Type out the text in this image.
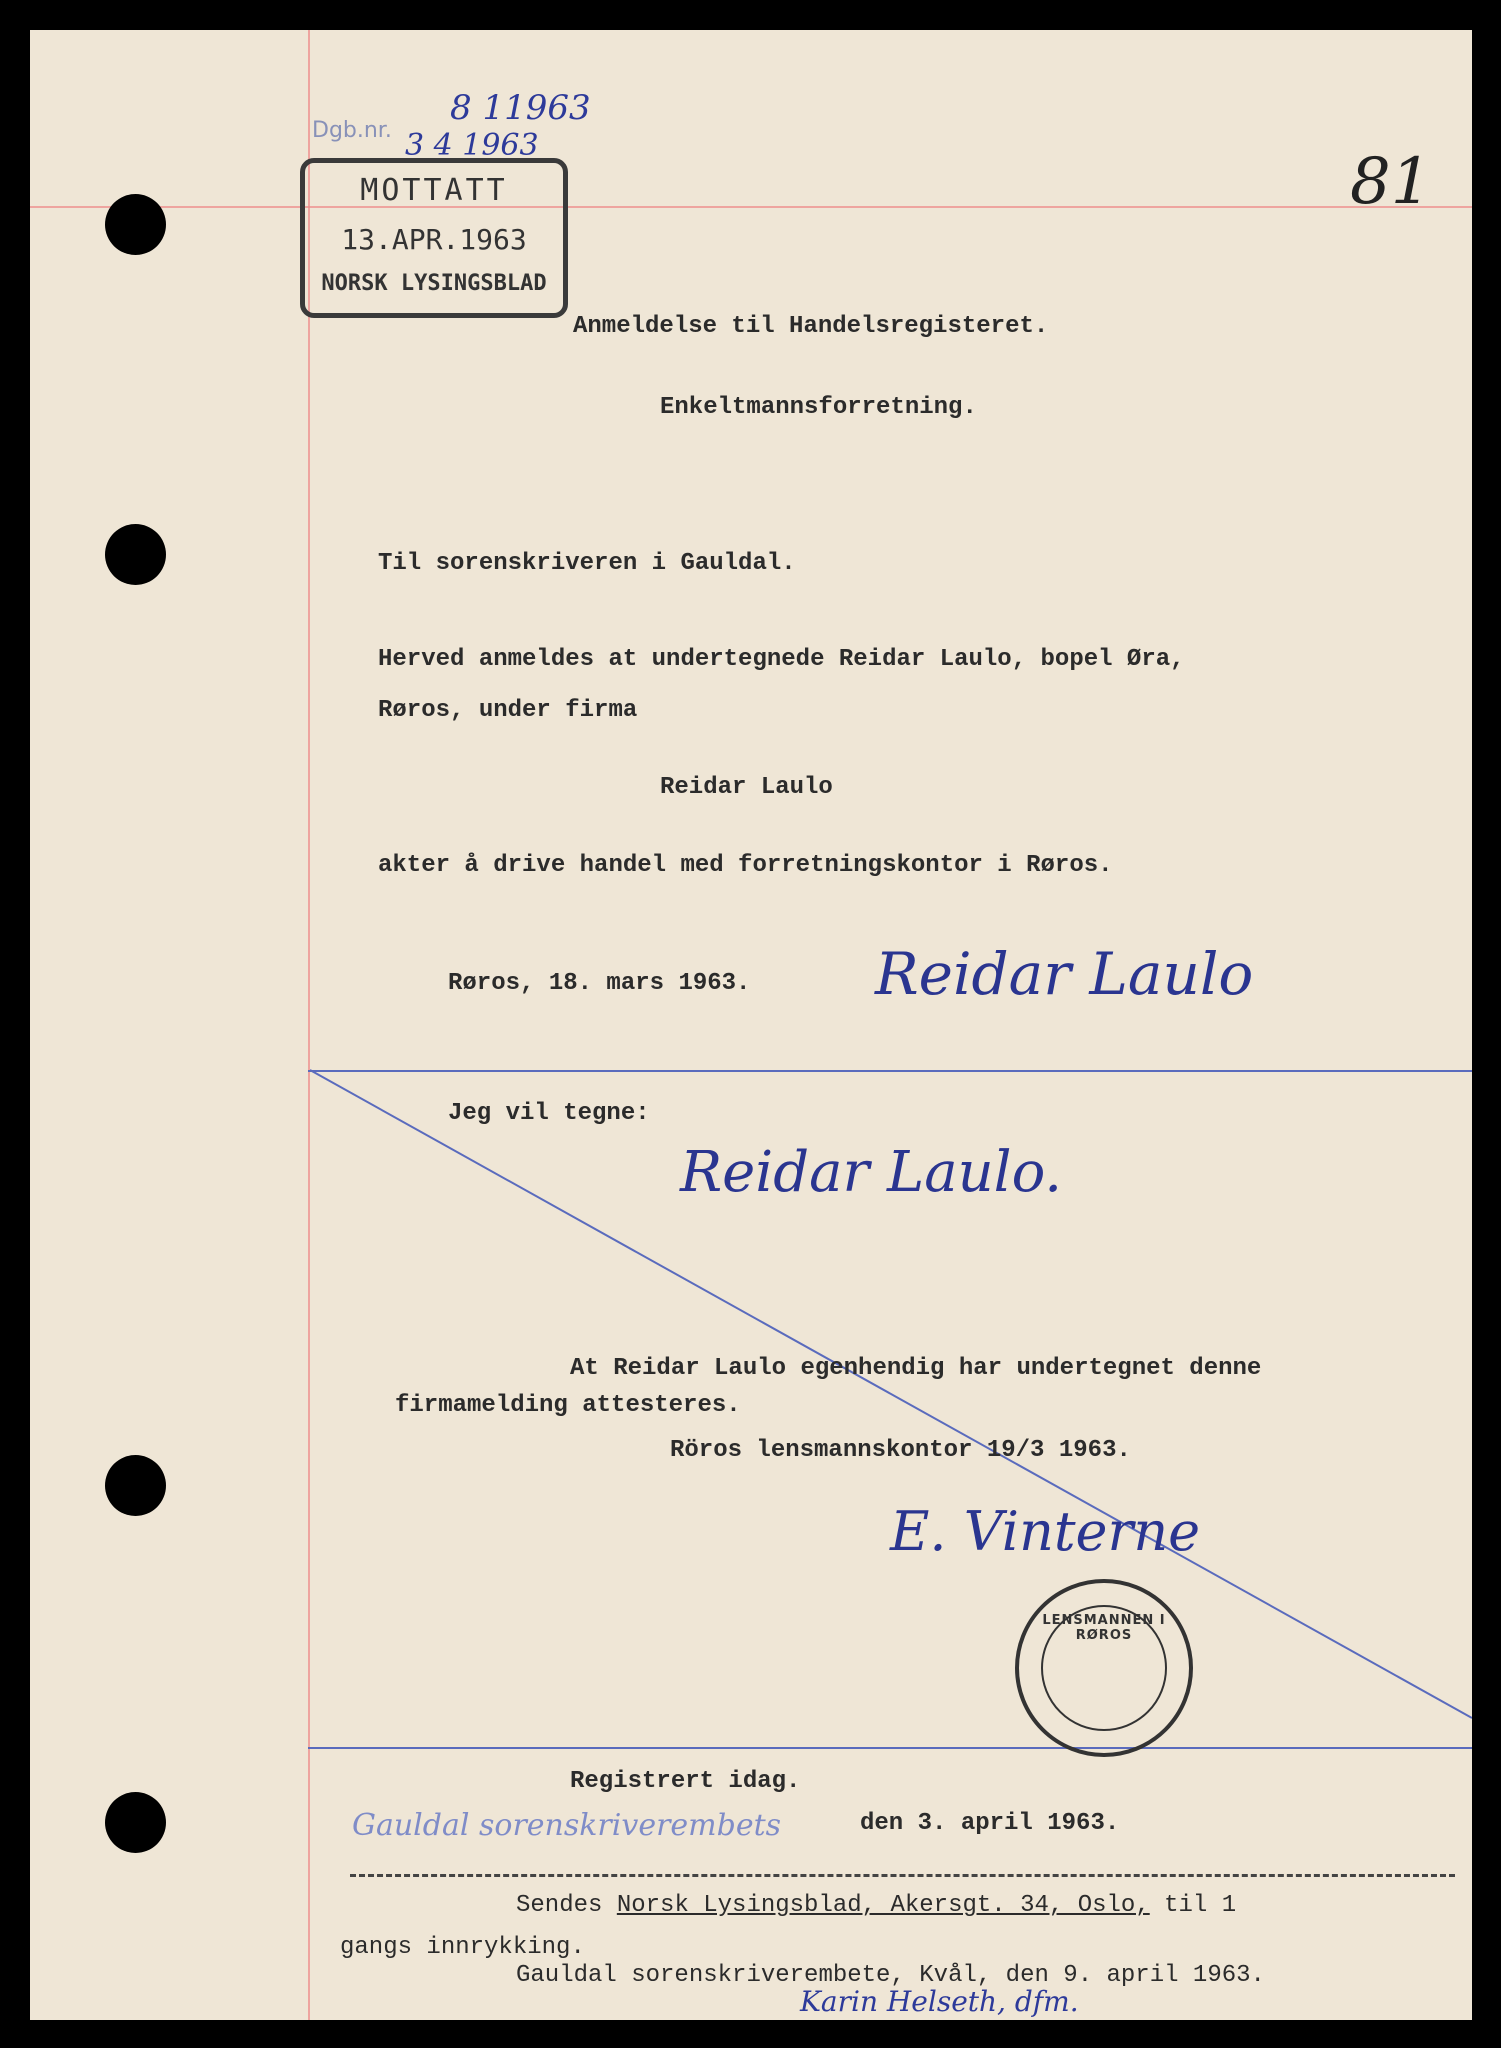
Dgb.nr.
8 11963
3 4 1963	81
MOTTATT
13.APR.1963
NORSK LYSINGSBLAD
Anmeldelse til Handelsregisteret.
Enkeltmannsforretning.
Til sorenskriveren i Gauldal.
Herved anmeldes at undertegnede Reidar Laulo, bopel Øra,
Røros, under firma
Reidar Laulo
akter å drive handel med forretningskontor i Røros.
Røros, 18. mars 1963. Reidar Laulo
Jeg vil tegne:
Reidar Laulo.
At Reidar Laulo egenhendig har undertegnet denne
firmamelding attesteres.
Röros lensmannskontor 19/3 1963.
E. Vinterne
LENSMANNEN I RØROS
Registrert idag.
Gauldal sorenskriverembets	den 3. april 1963.
Sendes Norsk Lysingsblad, Akersgt. 34, Oslo, til 1
gangs innrykking.
Gauldal sorenskriverembete, Kvål, den 9. april 1963.
Karin Helseth, dfm.
